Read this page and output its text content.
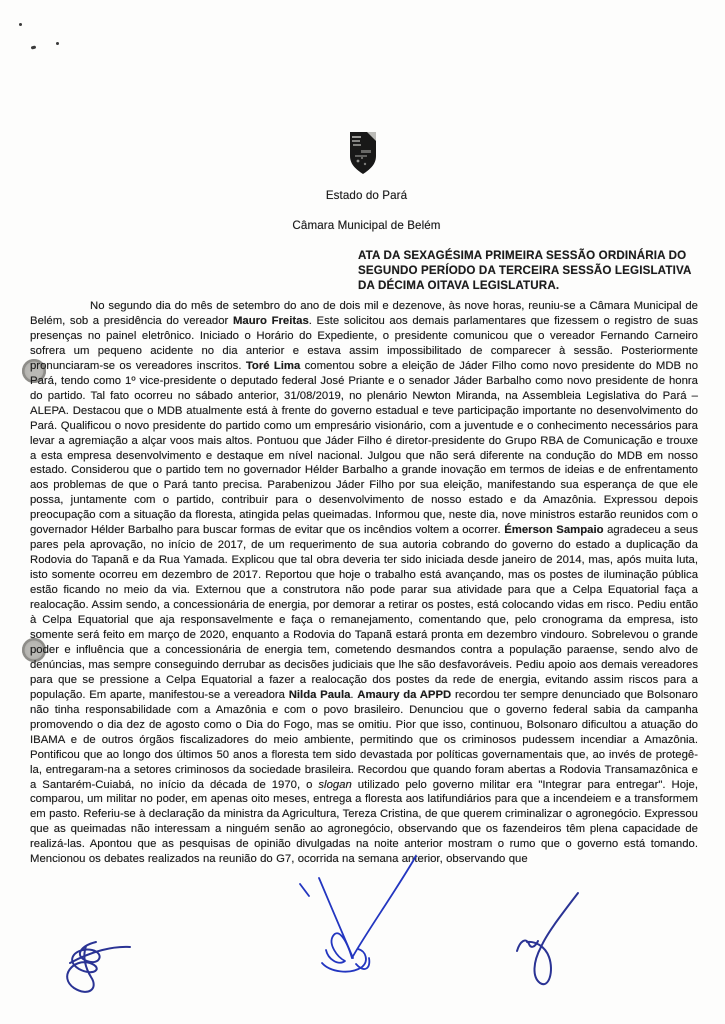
Estado do Pará
Câmara Municipal de Belém
ATA DA SEXAGÉSIMA PRIMEIRA SESSÃO ORDINÁRIA DO
SEGUNDO PERÍODO DA TERCEIRA SESSÃO LEGISLATIVA
DA DÉCIMA OITAVA LEGISLATURA.
No segundo dia do mês de setembro do ano de dois mil e dezenove, às nove horas, reuniu-se a Câmara Municipal de Belém, sob a presidência do vereador Mauro Freitas. Este solicitou aos demais parlamentares que fizessem o registro de suas presenças no painel eletrônico. Iniciado o Horário do Expediente, o presidente comunicou que o vereador Fernando Carneiro sofrera um pequeno acidente no dia anterior e estava assim impossibilitado de comparecer à sessão. Posteriormente pronunciaram-se os vereadores inscritos. Toré Lima comentou sobre a eleição de Jáder Filho como novo presidente do MDB no Pará, tendo como 1º vice-presidente o deputado federal José Priante e o senador Jáder Barbalho como novo presidente de honra do partido. Tal fato ocorreu no sábado anterior, 31/08/2019, no plenário Newton Miranda, na Assembleia Legislativa do Pará – ALEPA. Destacou que o MDB atualmente está à frente do governo estadual e teve participação importante no desenvolvimento do Pará. Qualificou o novo presidente do partido como um empresário visionário, com a juventude e o conhecimento necessários para levar a agremiação a alçar voos mais altos. Pontuou que Jáder Filho é diretor-presidente do Grupo RBA de Comunicação e trouxe a esta empresa desenvolvimento e destaque em nível nacional. Julgou que não será diferente na condução do MDB em nosso estado. Considerou que o partido tem no governador Hélder Barbalho a grande inovação em termos de ideias e de enfrentamento aos problemas de que o Pará tanto precisa. Parabenizou Jáder Filho por sua eleição, manifestando sua esperança de que ele possa, juntamente com o partido, contribuir para o desenvolvimento de nosso estado e da Amazônia. Expressou depois preocupação com a situação da floresta, atingida pelas queimadas. Informou que, neste dia, nove ministros estarão reunidos com o governador Hélder Barbalho para buscar formas de evitar que os incêndios voltem a ocorrer. Émerson Sampaio agradeceu a seus pares pela aprovação, no início de 2017, de um requerimento de sua autoria cobrando do governo do estado a duplicação da Rodovia do Tapanã e da Rua Yamada. Explicou que tal obra deveria ter sido iniciada desde janeiro de 2014, mas, após muita luta, isto somente ocorreu em dezembro de 2017. Reportou que hoje o trabalho está avançando, mas os postes de iluminação pública estão ficando no meio da via. Externou que a construtora não pode parar sua atividade para que a Celpa Equatorial faça a realocação. Assim sendo, a concessionária de energia, por demorar a retirar os postes, está colocando vidas em risco. Pediu então à Celpa Equatorial que aja responsavelmente e faça o remanejamento, comentando que, pelo cronograma da empresa, isto somente será feito em março de 2020, enquanto a Rodovia do Tapanã estará pronta em dezembro vindouro. Sobrelevou o grande poder e influência que a concessionária de energia tem, cometendo desmandos contra a população paraense, sendo alvo de denúncias, mas sempre conseguindo derrubar as decisões judiciais que lhe são desfavoráveis. Pediu apoio aos demais vereadores para que se pressione a Celpa Equatorial a fazer a realocação dos postes da rede de energia, evitando assim riscos para a população. Em aparte, manifestou-se a vereadora Nilda Paula. Amaury da APPD recordou ter sempre denunciado que Bolsonaro não tinha responsabilidade com a Amazônia e com o povo brasileiro. Denunciou que o governo federal sabia da campanha promovendo o dia dez de agosto como o Dia do Fogo, mas se omitiu. Pior que isso, continuou, Bolsonaro dificultou a atuação do IBAMA e de outros órgãos fiscalizadores do meio ambiente, permitindo que os criminosos pudessem incendiar a Amazônia. Pontificou que ao longo dos últimos 50 anos a floresta tem sido devastada por políticas governamentais que, ao invés de protegê-la, entregaram-na a setores criminosos da sociedade brasileira. Recordou que quando foram abertas a Rodovia Transamazônica e a Santarém-Cuiabá, no início da década de 1970, o slogan utilizado pelo governo militar era "Integrar para entregar". Hoje, comparou, um militar no poder, em apenas oito meses, entrega a floresta aos latifundiários para que a incendeiem e a transformem em pasto. Referiu-se à declaração da ministra da Agricultura, Tereza Cristina, de que querem criminalizar o agronegócio. Expressou que as queimadas não interessam a ninguém senão ao agronegócio, observando que os fazendeiros têm plena capacidade de realizá-las. Apontou que as pesquisas de opinião divulgadas na noite anterior mostram o rumo que o governo está tomando. Mencionou os debates realizados na reunião do G7, ocorrida na semana anterior, observando que
